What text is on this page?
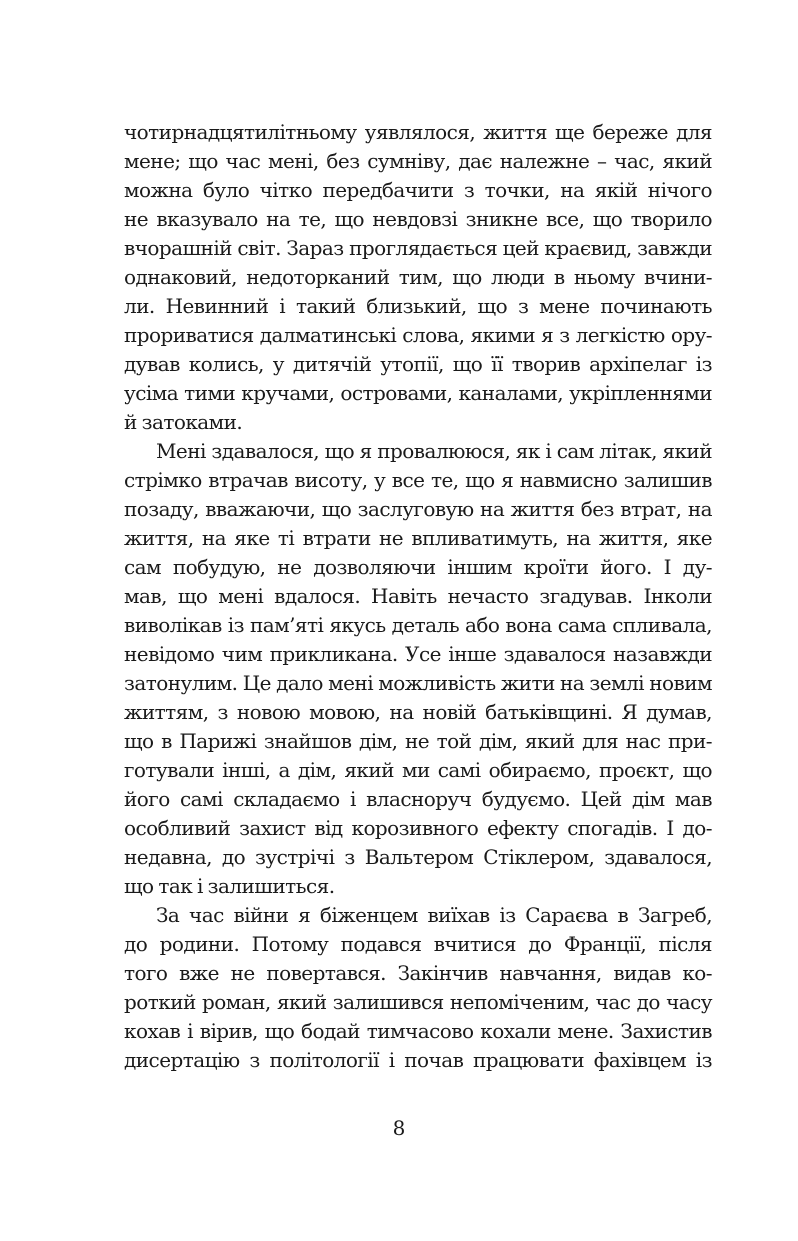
чотирнадцятилітньому уявлялося, життя ще береже для
мене; що час мені, без сумніву, дає належне – час, який
можна було чітко передбачити з точки, на якій нічого
не вказувало на те, що невдовзі зникне все, що творило
вчорашній світ. Зараз проглядається цей краєвид, завжди
однаковий, недоторканий тим, що люди в ньому вчини-
ли. Невинний і такий близький, що з мене починають
прориватися далматинські слова, якими я з легкістю ору-
дував колись, у дитячій утопії, що її творив архіпелаг із
усіма тими кручами, островами, каналами, укріпленнями
й затоками.
Мені здавалося, що я провалююся, як і сам літак, який
стрімко втрачав висоту, у все те, що я навмисно залишив
позаду, вважаючи, що заслуговую на життя без втрат, на
життя, на яке ті втрати не впливатимуть, на життя, яке
сам побудую, не дозволяючи іншим кроїти його. І ду-
мав, що мені вдалося. Навіть нечасто згадував. Інколи
виволікав із пам’яті якусь деталь або вона сама спливала,
невідомо чим прикликана. Усе інше здавалося назавжди
затонулим. Це дало мені можливість жити на землі новим
життям, з новою мовою, на новій батьківщині. Я думав,
що в Парижі знайшов дім, не той дім, який для нас при-
готували інші, а дім, який ми самі обираємо, проєкт, що
його самі складаємо і власноруч будуємо. Цей дім мав
особливий захист від корозивного ефекту спогадів. І до-
недавна, до зустрічі з Вальтером Стіклером, здавалося,
що так і залишиться.
За час війни я біженцем виїхав із Сараєва в Загреб,
до родини. Потому подався вчитися до Франції, після
того вже не повертався. Закінчив навчання, видав ко-
роткий роман, який залишився непоміченим, час до часу
кохав і вірив, що бодай тимчасово кохали мене. Захистив
дисертацію з політології і почав працювати фахівцем із
8
